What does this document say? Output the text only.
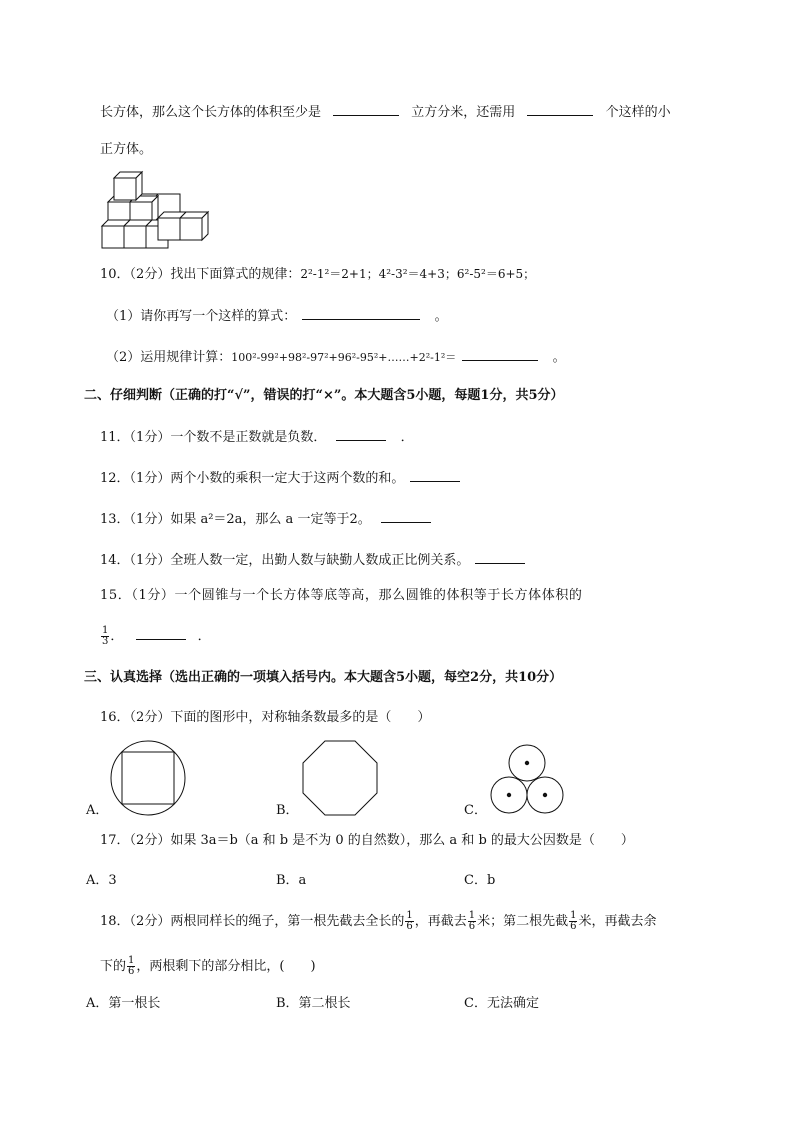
长方体，那么这个长方体的体积至少是	立方分米，还需用	个这样的小
正方体。
10．（2分）找出下面算式的规律：2²-1²＝2+1；4²-3²＝4+3；6²-5²＝6+5；
（1）请你再写一个这样的算式：	。
（2）运用规律计算：100²-99²+98²-97²+96²-95²+……+2²-1²＝	。
二、仔细判断（正确的打“√”，错误的打“×”。本大题含5小题，每题1分，共5分）
11．（1分）一个数不是正数就是负数．	．
12．（1分）两个小数的乘积一定大于这两个数的和。
13．（1分）如果 a²＝2a，那么 a 一定等于2。
14．（1分）全班人数一定，出勤人数与缺勤人数成正比例关系。
15．（1分）一个圆锥与一个长方体等底等高，那么圆锥的体积等于长方体体积的
$\frac{1}{3}$ ．	．
三、认真选择（选出正确的一项填入括号内。本大题含5小题，每空2分，共10分）
16．（2分）下面的图形中，对称轴条数最多的是（　　）
A．	B．	C．
17．（2分）如果 3a＝b（a 和 b 是不为 0 的自然数），那么 a 和 b 的最大公因数是（　　）
A．3	B．a	C．b
18．（2分）两根同样长的绳子，第一根先截去全长的 $\frac{1}{6}$ ，再截去 $\frac{1}{6}$ 米；第二根先截 $\frac{1}{6}$ 米，再截去余
下的 $\frac{1}{6}$ ，两根剩下的部分相比，(　　)
A．第一根长	B．第二根长	C．无法确定
